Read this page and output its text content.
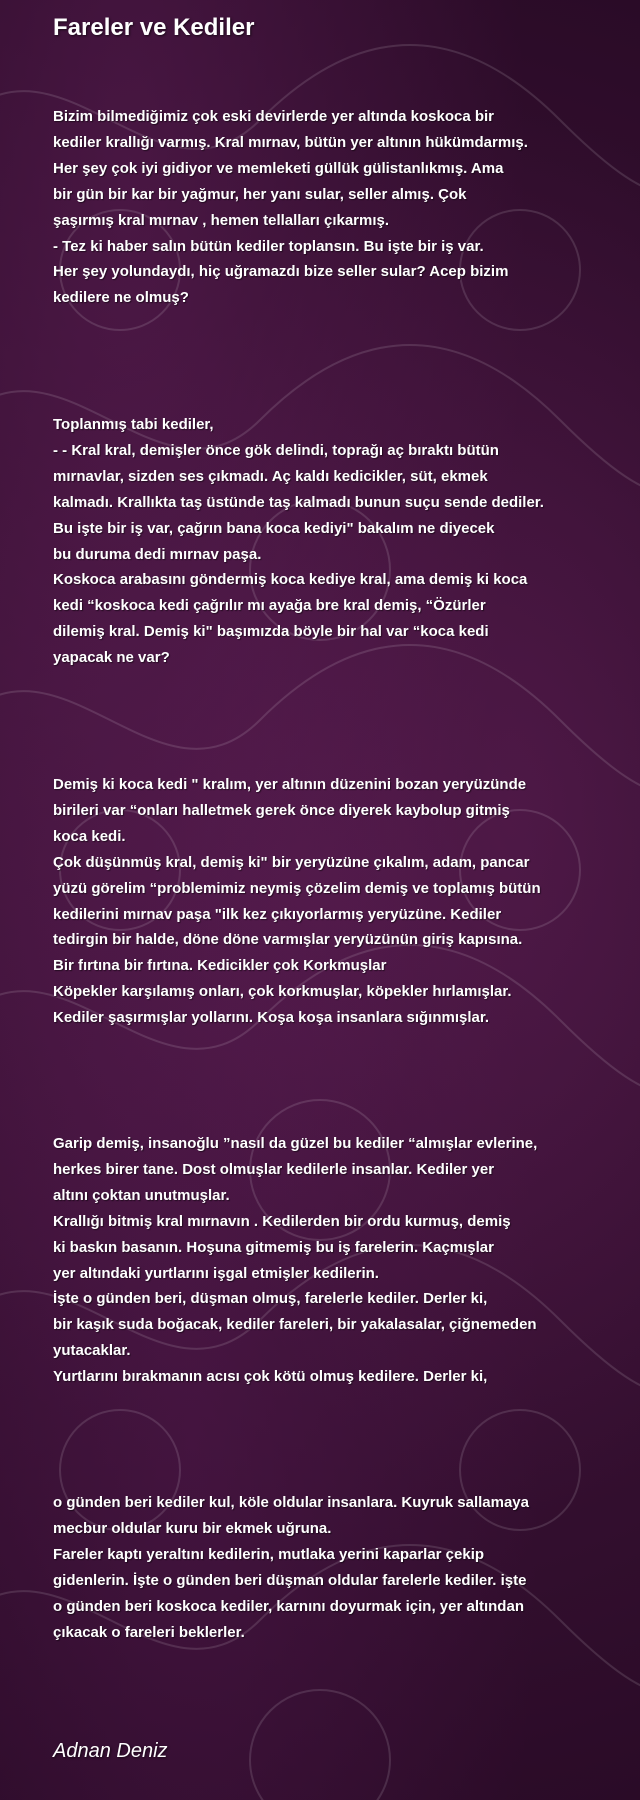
Fareler ve Kediler
Bizim bilmediğimiz çok eski devirlerde yer altında koskoca bir
kediler krallığı varmış. Kral mırnav, bütün yer altının hükümdarmış.
Her şey çok iyi gidiyor ve memleketi güllük gülistanlıkmış. Ama
bir gün bir kar bir yağmur, her yanı sular, seller almış. Çok
şaşırmış kral mırnav , hemen tellalları çıkarmış.
- Tez ki haber salın bütün kediler toplansın. Bu işte bir iş var.
Her şey yolundaydı, hiç uğramazdı bize seller sular? Acep bizim
kedilere ne olmuş?
Toplanmış tabi kediler,
- - Kral kral, demişler önce gök delindi, toprağı aç bıraktı bütün
mırnavlar, sizden ses çıkmadı. Aç kaldı kedicikler, süt, ekmek
kalmadı. Krallıkta taş üstünde taş kalmadı bunun suçu sende dediler.
Bu işte bir iş var, çağrın bana koca kediyi" bakalım ne diyecek
bu duruma dedi mırnav paşa.
Koskoca arabasını göndermiş koca kediye kral, ama demiş ki koca
kedi “koskoca kedi çağrılır mı ayağa bre kral demiş, “Özürler
dilemiş kral. Demiş ki" başımızda böyle bir hal var “koca kedi
yapacak ne var?
Demiş ki koca kedi " kralım, yer altının düzenini bozan yeryüzünde
birileri var “onları halletmek gerek önce diyerek kaybolup gitmiş
koca kedi.
Çok düşünmüş kral, demiş ki" bir yeryüzüne çıkalım, adam, pancar
yüzü görelim “problemimiz neymiş çözelim demiş ve toplamış bütün
kedilerini mırnav paşa "ilk kez çıkıyorlarmış yeryüzüne. Kediler
tedirgin bir halde, döne döne varmışlar yeryüzünün giriş kapısına.
Bir fırtına bir fırtına. Kedicikler çok Korkmuşlar
Köpekler karşılamış onları, çok korkmuşlar, köpekler hırlamışlar.
Kediler şaşırmışlar yollarını. Koşa koşa insanlara sığınmışlar.
Garip demiş, insanoğlu ”nasıl da güzel bu kediler “almışlar evlerine,
herkes birer tane. Dost olmuşlar kedilerle insanlar. Kediler yer
altını çoktan unutmuşlar.
Krallığı bitmiş kral mırnavın . Kedilerden bir ordu kurmuş, demiş
ki baskın basanın. Hoşuna gitmemiş bu iş farelerin. Kaçmışlar
yer altındaki yurtlarını işgal etmişler kedilerin.
İşte o günden beri, düşman olmuş, farelerle kediler. Derler ki,
bir kaşık suda boğacak, kediler fareleri, bir yakalasalar, çiğnemeden
yutacaklar.
Yurtlarını bırakmanın acısı çok kötü olmuş kedilere. Derler ki,
o günden beri kediler kul, köle oldular insanlara. Kuyruk sallamaya
mecbur oldular kuru bir ekmek uğruna.
Fareler kaptı yeraltını kedilerin, mutlaka yerini kaparlar çekip
gidenlerin. İşte o günden beri düşman oldular farelerle kediler. işte
o günden beri koskoca kediler, karnını doyurmak için, yer altından
çıkacak o fareleri beklerler.
Adnan Deniz
